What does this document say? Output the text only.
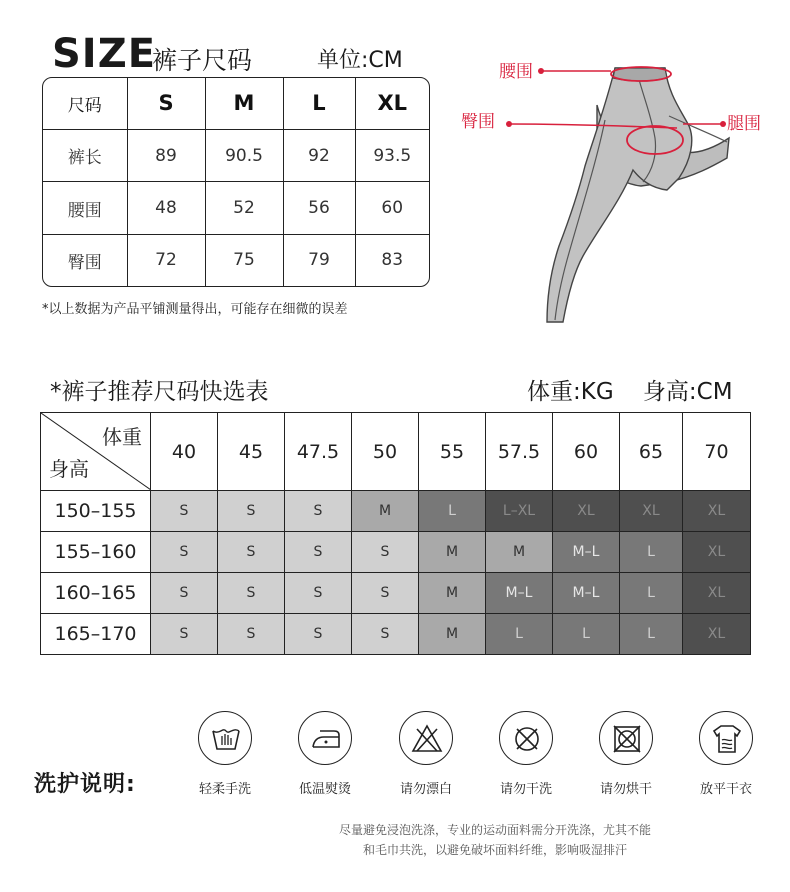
SIZE
裤子尺码	单位:CM
尺码	S	M	L	XL
裤长	89	90.5	92	93.5
腰围	48	52	56	60
臀围	72	75	79	83
*以上数据为产品平铺测量得出，可能存在细微的误差
腰围
臀围	腿围
*裤子推荐尺码快选表	体重:KG    身高:CM
体重
身高	40	45	47.5	50	55	57.5	60	65	70
150–155	S	S	S	M	L	L–XL	XL	XL	XL
155–160	S	S	S	S	M	M	M–L	L	XL
160–165	S	S	S	S	M	M–L	M–L	L	XL
165–170	S	S	S	S	M	L	L	L	XL
洗护说明:	轻柔手洗	低温熨烫	请勿漂白	请勿干洗	请勿烘干	放平干衣
尽量避免浸泡洗涤，专业的运动面料需分开洗涤，尤其不能
和毛巾共洗，以避免破坏面料纤维，影响吸湿排汗
